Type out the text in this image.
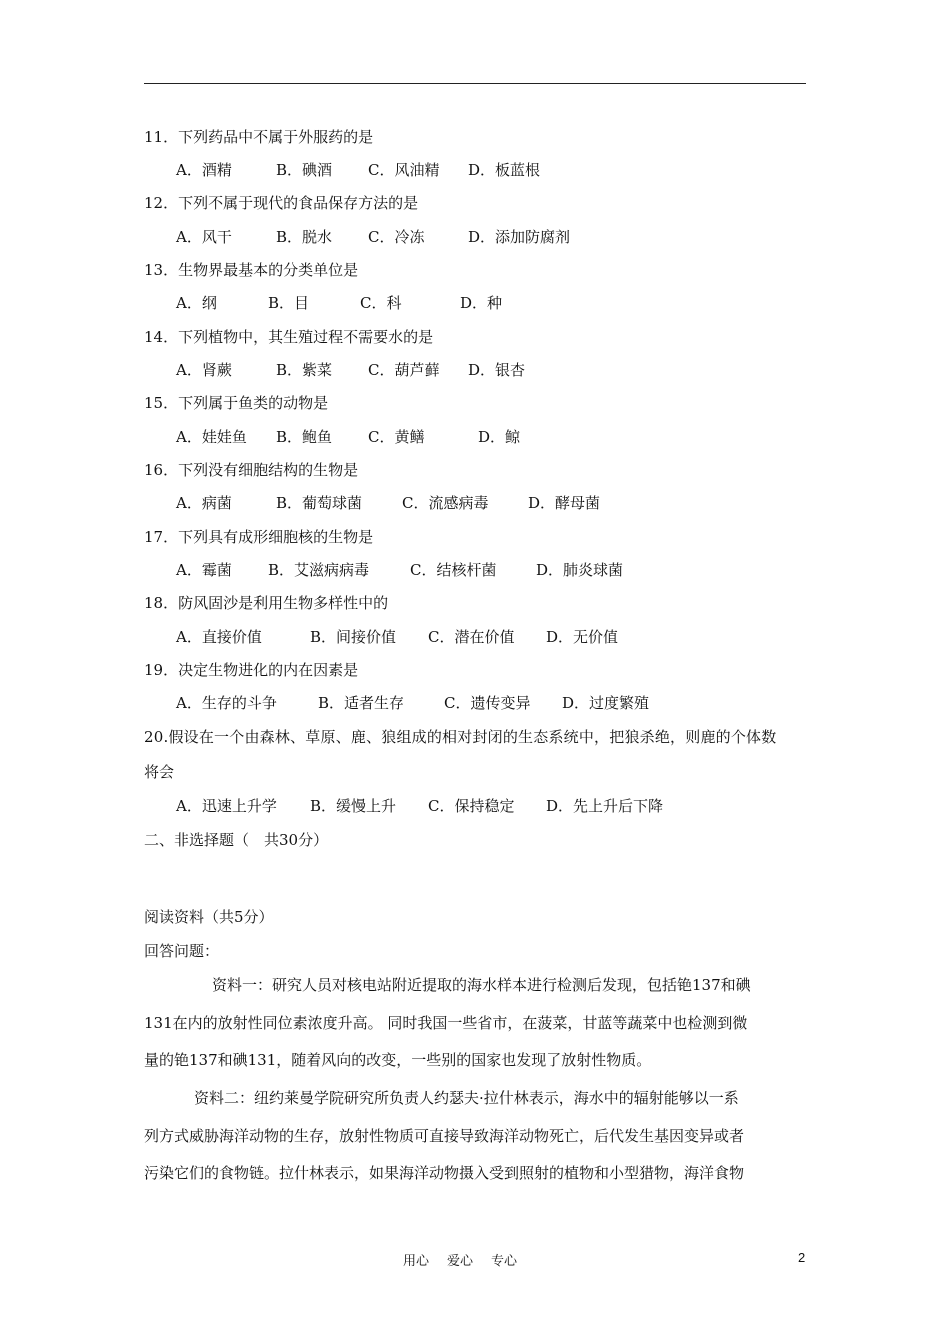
11．下列药品中不属于外服药的是
A．酒精	B．碘酒 C．风油精 D．板蓝根
12．下列不属于现代的食品保存方法的是
A．风干	B．脱水 C．冷冻	D．添加防腐剂
13．生物界最基本的分类单位是
A．纲	B．目	C．科	D．种
14．下列植物中，其生殖过程不需要水的是
A．肾蕨	B．紫菜 C．葫芦藓 D．银杏
15．下列属于鱼类的动物是
A．娃娃鱼 B．鲍鱼 C．黄鳝	D．鲸
16．下列没有细胞结构的生物是
A．病菌	B．葡萄球菌	C．流感病毒	D．酵母菌
17．下列具有成形细胞核的生物是
A．霉菌 B．艾滋病病毒	C．结核杆菌	D．肺炎球菌
18．防风固沙是利用生物多样性中的
A．直接价值	B．间接价值 C．潜在价值 D．无价值
19．决定生物进化的内在因素是
A．生存的斗争	B．适者生存	C．遗传变异 D．过度繁殖
20.假设在一个由森林、草原、鹿、狼组成的相对封闭的生态系统中，把狼杀绝，则鹿的个体数
将会
A．迅速上升学 B．缓慢上升 C．保持稳定 D．先上升后下降
二、非选择题（　共30分）
阅读资料（共5分）
回答问题：
资料一：研究人员对核电站附近提取的海水样本进行检测后发现，包括铯137和碘
131在内的放射性同位素浓度升高。 同时我国一些省市，在菠菜，甘蓝等蔬菜中也检测到微
量的铯137和碘131，随着风向的改变，一些别的国家也发现了放射性物质。
资料二：纽约莱曼学院研究所负责人约瑟夫·拉什林表示，海水中的辐射能够以一系
列方式威胁海洋动物的生存，放射性物质可直接导致海洋动物死亡，后代发生基因变异或者
污染它们的食物链。拉什林表示，如果海洋动物摄入受到照射的植物和小型猎物，海洋食物
用心 爱心 专心	2
